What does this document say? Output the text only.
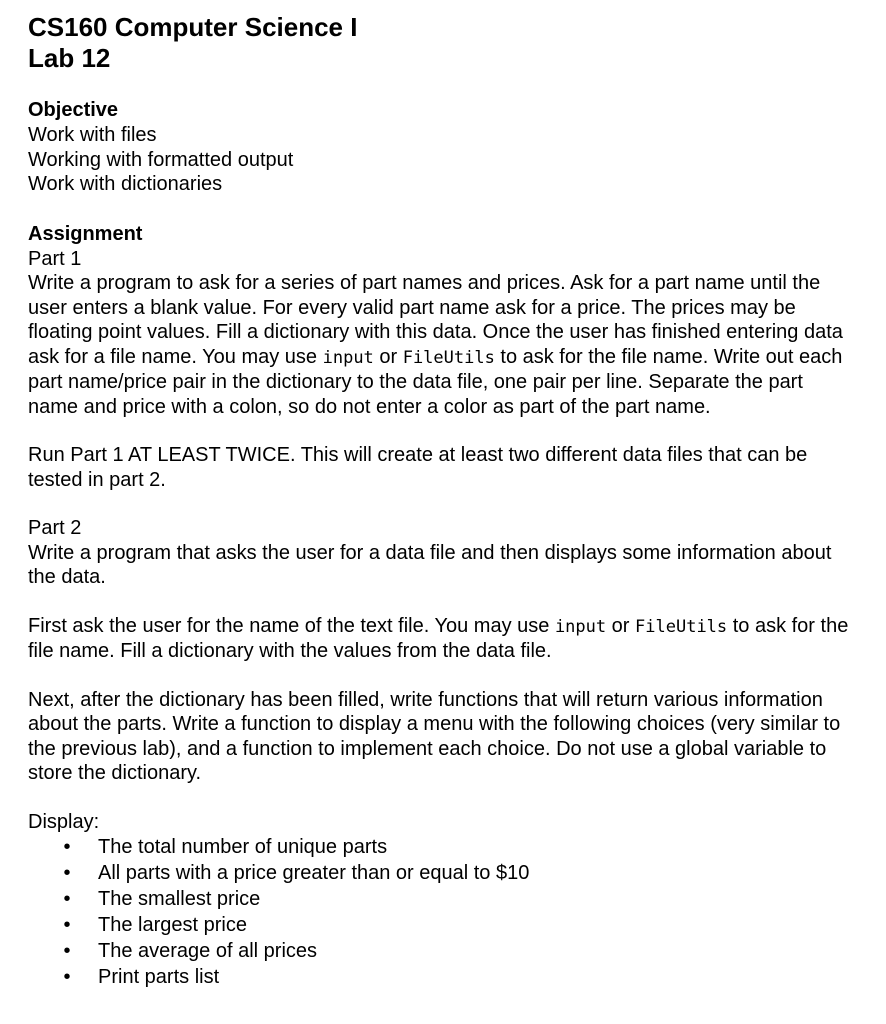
CS160 Computer Science I

Lab 12

Objective

Work with files

Working with formatted output

Work with dictionaries

Assignment

Part 1

Write a program to ask for a series of part names and prices. Ask for a part name until the user enters a blank value. For every valid part name ask for a price. The prices may be floating point values. Fill a dictionary with this data. Once the user has finished entering data ask for a file name. You may use input or FileUtils to ask for the file name. Write out each part name/price pair in the dictionary to the data file, one pair per line. Separate the part name and price with a colon, so do not enter a color as part of the part name.

Run Part 1 AT LEAST TWICE. This will create at least two different data files that can be tested in part 2.

Part 2

Write a program that asks the user for a data file and then displays some information about the data.

First ask the user for the name of the text file. You may use input or FileUtils to ask for the file name. Fill a dictionary with the values from the data file.

Next, after the dictionary has been filled, write functions that will return various information about the parts. Write a function to display a menu with the following choices (very similar to the previous lab), and a function to implement each choice. Do not use a global variable to store the dictionary.

Display:

• The total number of unique parts
• All parts with a price greater than or equal to $10
• The smallest price
• The largest price
• The average of all prices
• Print parts list
